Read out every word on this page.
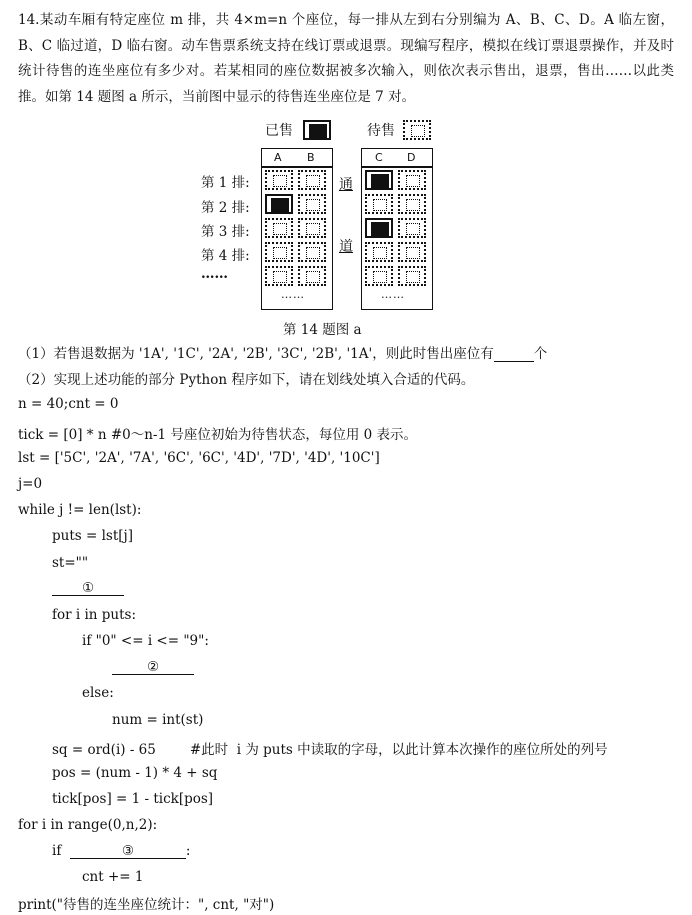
14.某动车厢有特定座位 m 排，共 4×m=n 个座位，每一排从左到右分别编为 A、B、C、D。A 临左窗，B、C 临过道，D 临右窗。动车售票系统支持在线订票或退票。现编写程序，模拟在线订票退票操作，并及时统计待售的连坐座位有多少对。若某相同的座位数据被多次输入，则依次表示售出，退票，售出……以此类推。如第 14 题图 a 所示，当前图中显示的待售连坐座位是 7 对。
已售	待售
A B	C D
通
道
第 1 排:
第 2 排:
第 3 排:
第 4 排:
……
……	……
第 14 题图 a
（1）若售退数据为 '1A', '1C', '2A', '2B', '3C', '2B', '1A'，则此时售出座位有	个
（2）实现上述功能的部分 Python 程序如下，请在划线处填入合适的代码。
n = 40;cnt = 0
tick = [0] * n #0～n-1 号座位初始为待售状态，每位用 0 表示。
lst = ['5C', '2A', '7A', '6C', '6C', '4D', '7D', '4D', '10C']
j=0
while j != len(lst):
puts = lst[j]
st=""
①
for i in puts:
if "0" <= i <= "9":
②
else:
num = int(st)
sq = ord(i) - 65	#此时  i 为 puts 中读取的字母，以此计算本次操作的座位所处的列号
pos = (num - 1) * 4 + sq
tick[pos] = 1 - tick[pos]
for i in range(0,n,2):
if	③	:
cnt += 1
print("待售的连坐座位统计：", cnt, "对")
